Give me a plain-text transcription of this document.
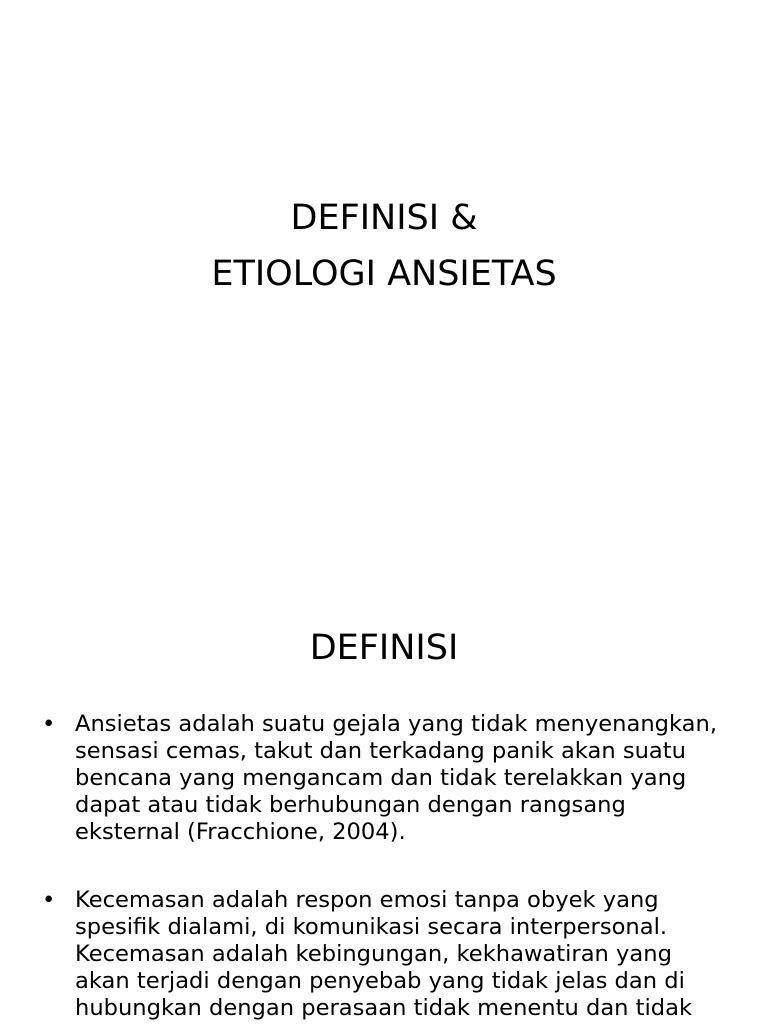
DEFINISI &
ETIOLOGI ANSIETAS
DEFINISI
• Ansietas adalah suatu gejala yang tidak menyenangkan,
sensasi cemas, takut dan terkadang panik akan suatu
bencana yang mengancam dan tidak terelakkan yang
dapat atau tidak berhubungan dengan rangsang
eksternal (Fracchione, 2004).
• Kecemasan adalah respon emosi tanpa obyek yang
spesifik dialami, di komunikasi secara interpersonal.
Kecemasan adalah kebingungan, kekhawatiran yang
akan terjadi dengan penyebab yang tidak jelas dan di
hubungkan dengan perasaan tidak menentu dan tidak
